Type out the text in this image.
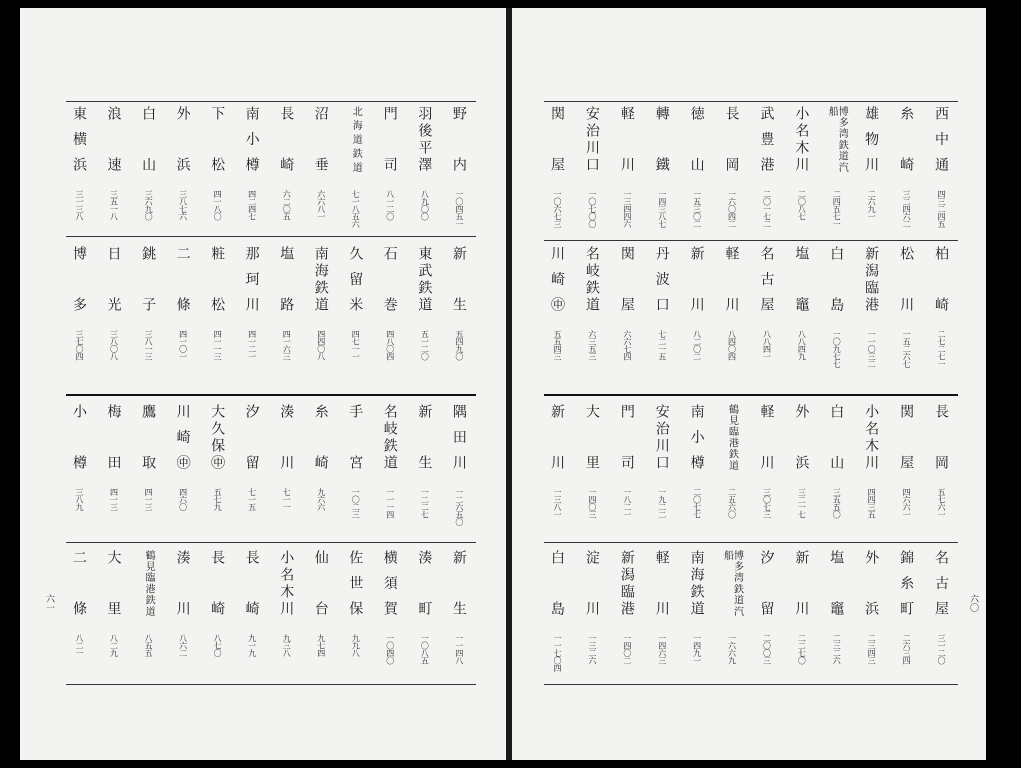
野内
一〇四五一
羽後平澤
八九〇〇
門司
八一二〇
北海道鉄道
七一八五六
沼垂
六六八一
長崎
六二〇五
南小樽
四二四七
下松
四一八〇
外浜
三八七六
白山
三六九〇
浪速
三五一八
東横浜
三一三八
新生
五四九〇
東武鉄道
五一二〇
石巻
四八〇四
久留米
四七一一
南海鉄道
四四〇八
塩路
四一六三
那珂川
四一二一
粧松
四一一三
二條
四一〇一
銚子
三八一三
日光
三八〇八
博多
三七〇四
隅田川
一二六五〇
新生
一二二七
名岐鉄道
一一一四
手宮
一〇二三
糸崎
九六六
湊川
七一一
汐留
七一五
大久保㊥
五七九
川崎㊥
四六〇
鷹取
四一三
梅田
四一三
小樽
三八九
新生
一一四八
湊町
一〇八五
横須賀
一〇四〇
佐世保
九九八
仙台
九七四
小名木川
九三八
長崎
九一九
長崎
八七〇
湊川
八六二
鶴見臨港鉄道
八五五
大里
八二九
二條
八二一
六一
西中通
四三二四五
糸崎
三二四六二
雄物川
二六九一
博多湾鉄道汽船
二四五七一
小名木川
二〇八七
武豊港
二〇一七二
長岡
一六〇四二
徳山
一五三〇二
轉鐵
一四三八七
軽川
一三四四六
安治川口
一〇七〇〇
関屋
一〇六七三
柏崎
二七二七一
松川
一五二六七
新潟臨港
一一〇三二
白島
一〇九七七
塩竈
八八四九
名古屋
八八四一
軽川
八四〇四
新川
八二〇二
丹波口
七二一五
関屋
六六七四
名岐鉄道
六三五三
川崎㊥
五五四三
長岡
五七六一
関屋
四六六一
小名木川
四四三五
白山
三五五〇
外浜
三二一七
軽川
三〇七三
鶴見臨港鉄道
二五六〇
南小樽
二〇七七
安治川口
一九二二
門司
一八二一
大里
一四〇三
新川
一三八一
名古屋
三一二〇
錦糸町
二六三四
外浜
二三四三
塩竈
二三二六
新川
二二七〇
汐留
二〇〇三
博多湾鉄道汽船
一六六九
南海鉄道
一四九一
軽川
一四六三
新潟臨港
一四〇二
淀川
一三二六
白島
一一七〇四
六〇
